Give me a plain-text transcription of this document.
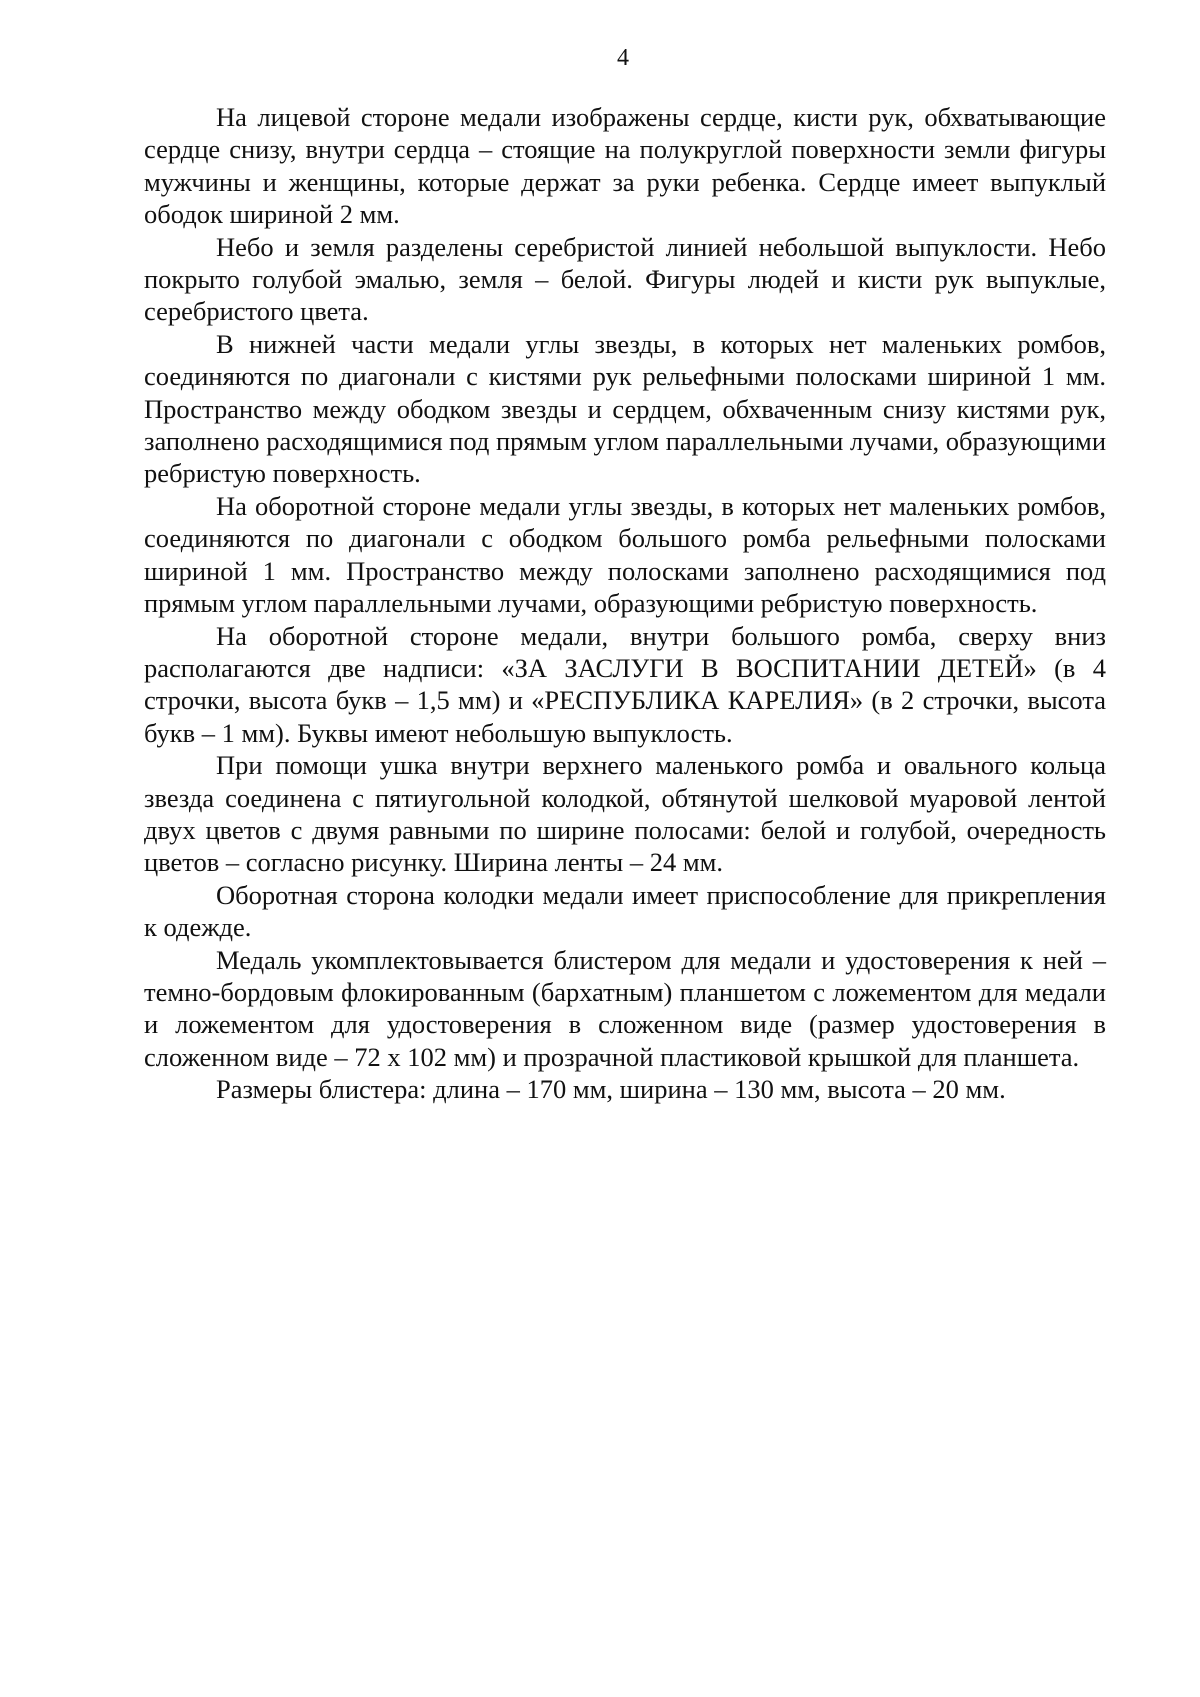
4

На лицевой стороне медали изображены сердце, кисти рук, обхватывающие сердце снизу, внутри сердца – стоящие на полукруглой поверхности земли фигуры мужчины и женщины, которые держат за руки ребенка. Сердце имеет выпуклый ободок шириной 2 мм.

Небо и земля разделены серебристой линией небольшой выпуклости. Небо покрыто голубой эмалью, земля – белой. Фигуры людей и кисти рук выпуклые, серебристого цвета.

В нижней части медали углы звезды, в которых нет маленьких ромбов, соединяются по диагонали с кистями рук рельефными полосками шириной 1 мм. Пространство между ободком звезды и сердцем, обхваченным снизу кистями рук, заполнено расходящимися под прямым углом параллельными лучами, образующими ребристую поверхность.

На оборотной стороне медали углы звезды, в которых нет маленьких ромбов, соединяются по диагонали с ободком большого ромба рельефными полосками шириной 1 мм. Пространство между полосками заполнено расходящимися под прямым углом параллельными лучами, образующими ребристую поверхность.

На оборотной стороне медали, внутри большого ромба, сверху вниз располагаются две надписи: «ЗА ЗАСЛУГИ В ВОСПИТАНИИ ДЕТЕЙ» (в 4 строчки, высота букв – 1,5 мм) и «РЕСПУБЛИКА КАРЕЛИЯ» (в 2 строчки, высота букв – 1 мм). Буквы имеют небольшую выпуклость.

При помощи ушка внутри верхнего маленького ромба и овального кольца звезда соединена с пятиугольной колодкой, обтянутой шелковой муаровой лентой двух цветов с двумя равными по ширине полосами: белой и голубой, очередность цветов – согласно рисунку. Ширина ленты – 24 мм.

Оборотная сторона колодки медали имеет приспособление для прикрепления к одежде.

Медаль укомплектовывается блистером для медали и удостоверения к ней – темно-бордовым флокированным (бархатным) планшетом с ложементом для медали и ложементом для удостоверения в сложенном виде (размер удостоверения в сложенном виде – 72 х 102 мм) и прозрачной пластиковой крышкой для планшета.

Размеры блистера: длина – 170 мм, ширина – 130 мм, высота – 20 мм.
